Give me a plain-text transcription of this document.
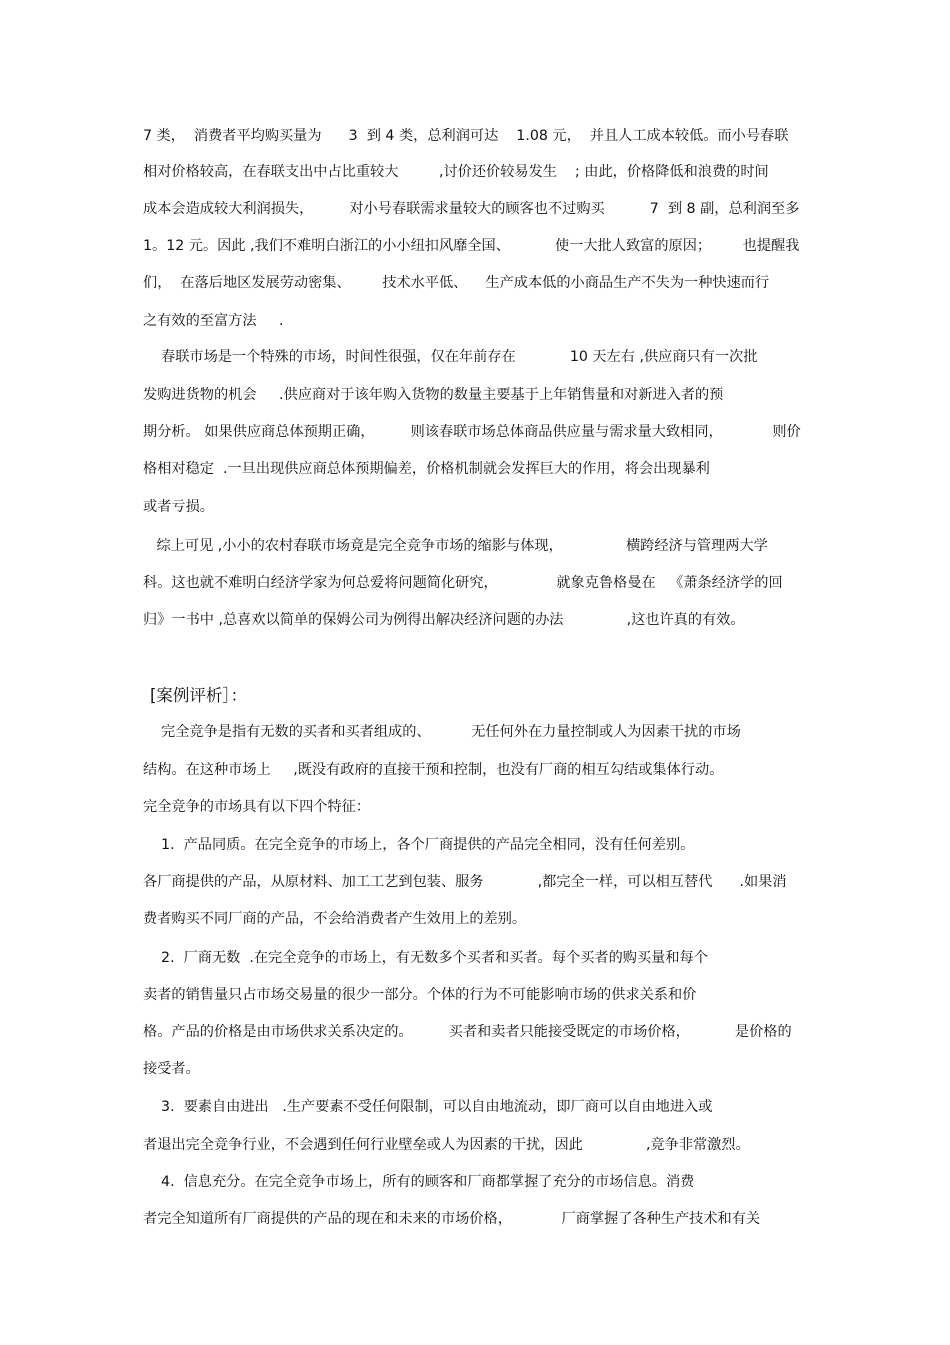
7 类，  消费者平均购买量为      3  到 4 类，总利润可达    1.08 元，  并且人工成本较低。而小号春联
相对价格较高，在春联支出中占比重较大         ,讨价还价较易发生    ; 由此，价格降低和浪费的时间
成本会造成较大利润损失，        对小号春联需求量较大的顾客也不过购买          7  到 8 副，总利润至多
1。12 元。因此 ,我们不难明白浙江的小小纽扣风靡全国、          使一大批人致富的原因；       也提醒我
们，  在落后地区发展劳动密集、       技术水平低、    生产成本低的小商品生产不失为一种快速而行
之有效的至富方法     .
春联市场是一个特殊的市场，时间性很强，仅在年前存在            10 天左右 ,供应商只有一次批
发购进货物的机会     .供应商对于该年购入货物的数量主要基于上年销售量和对新进入者的预
期分析。 如果供应商总体预期正确，        则该春联市场总体商品供应量与需求量大致相同，           则价
格相对稳定  .一旦出现供应商总体预期偏差，价格机制就会发挥巨大的作用，将会出现暴利
或者亏损。
综上可见 ,小小的农村春联市场竟是完全竞争市场的缩影与体现，              横跨经济与管理两大学
科。这也就不难明白经济学家为何总爱将问题简化研究，             就象克鲁格曼在   《萧条经济学的回
归》一书中 ,总喜欢以简单的保姆公司为例得出解决经济问题的办法              ,这也许真的有效。
[案例评析］：
完全竞争是指有无数的买者和买者组成的、         无任何外在力量控制或人为因素干扰的市场
结构。在这种市场上     ,既没有政府的直接干预和控制，也没有厂商的相互勾结或集体行动。
完全竞争的市场具有以下四个特征：
1.  产品同质。在完全竞争的市场上，各个厂商提供的产品完全相同，没有任何差别。
各厂商提供的产品，从原材料、加工工艺到包装、服务            ,都完全一样，可以相互替代      .如果消
费者购买不同厂商的产品，不会给消费者产生效用上的差别。
2.  厂商无数  .在完全竞争的市场上，有无数多个买者和买者。每个买者的购买量和每个
卖者的销售量只占市场交易量的很少一部分。个体的行为不可能影响市场的供求关系和价
格。产品的价格是由市场供求关系决定的。        买者和卖者只能接受既定的市场价格，          是价格的
接受者。
3.  要素自由进出   .生产要素不受任何限制，可以自由地流动，即厂商可以自由地进入或
者退出完全竞争行业，不会遇到任何行业壁垒或人为因素的干扰，因此              ,竞争非常激烈。
4.  信息充分。在完全竞争市场上，所有的顾客和厂商都掌握了充分的市场信息。消费
者完全知道所有厂商提供的产品的现在和未来的市场价格，           厂商掌握了各种生产技术和有关
